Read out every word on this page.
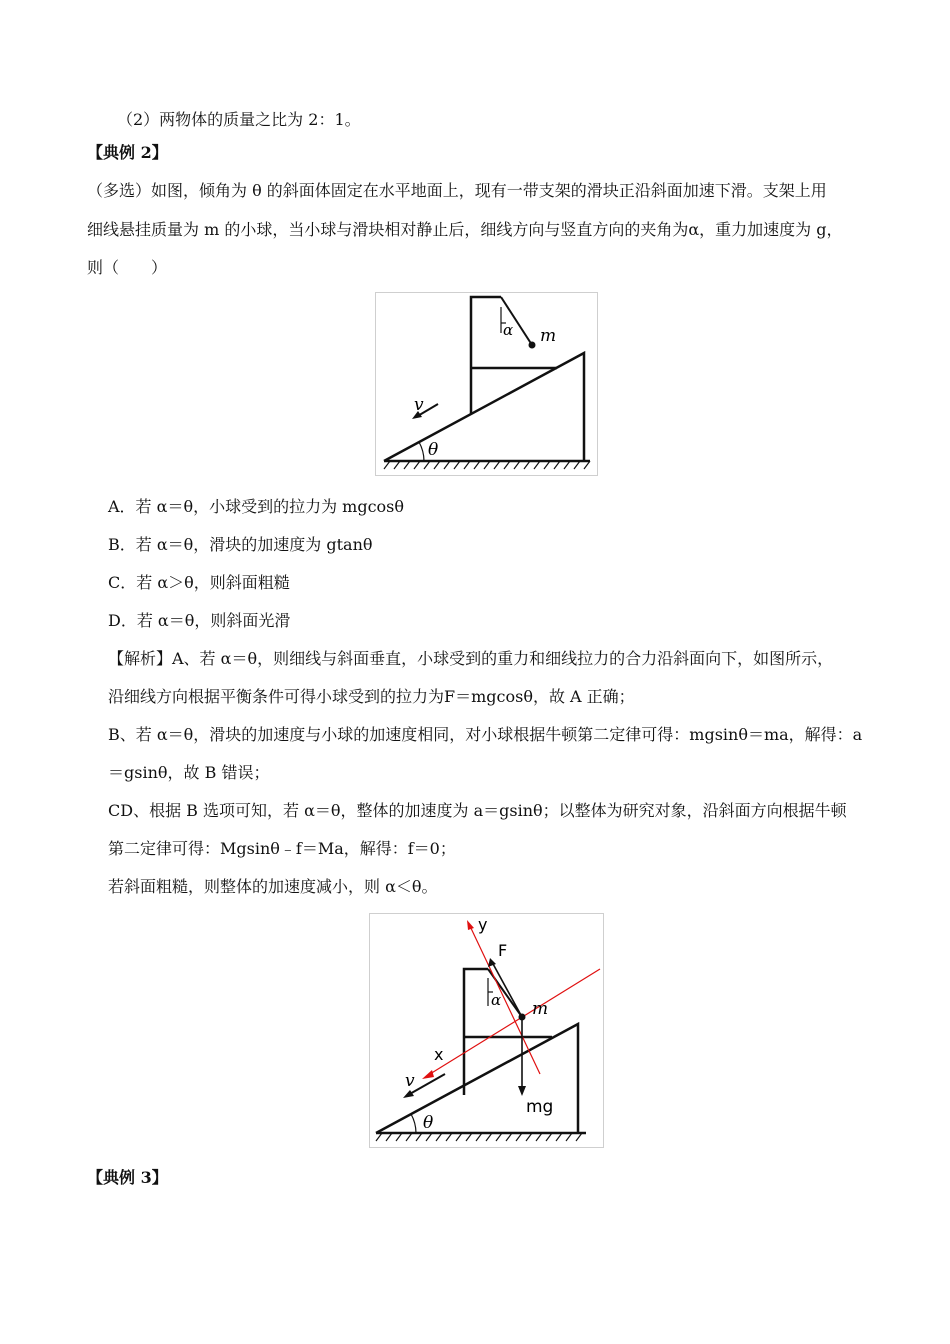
（2）两物体的质量之比为 2：1。
【典例 2】
（多选）如图，倾角为 θ 的斜面体固定在水平地面上，现有一带支架的滑块正沿斜面加速下滑。支架上用
细线悬挂质量为 m 的小球，当小球与滑块相对静止后，细线方向与竖直方向的夹角为α，重力加速度为 g，
则（　　）
α m
v
θ
A．若 α＝θ，小球受到的拉力为 mgcosθ
B．若 α＝θ，滑块的加速度为 gtanθ
C．若 α＞θ，则斜面粗糙
D．若 α＝θ，则斜面光滑
【解析】A、若 α＝θ，则细线与斜面垂直，小球受到的重力和细线拉力的合力沿斜面向下，如图所示，
沿细线方向根据平衡条件可得小球受到的拉力为F＝mgcosθ，故 A 正确；
B、若 α＝θ，滑块的加速度与小球的加速度相同，对小球根据牛顿第二定律可得：mgsinθ＝ma，解得：a
＝gsinθ，故 B 错误；
CD、根据 B 选项可知，若 α＝θ，整体的加速度为 a＝gsinθ；以整体为研究对象，沿斜面方向根据牛顿
第二定律可得：Mgsinθ﹣f＝Ma，解得：f＝0；
若斜面粗糙，则整体的加速度减小，则 α＜θ。
y
F
α m
x
v
mg
θ
【典例 3】
